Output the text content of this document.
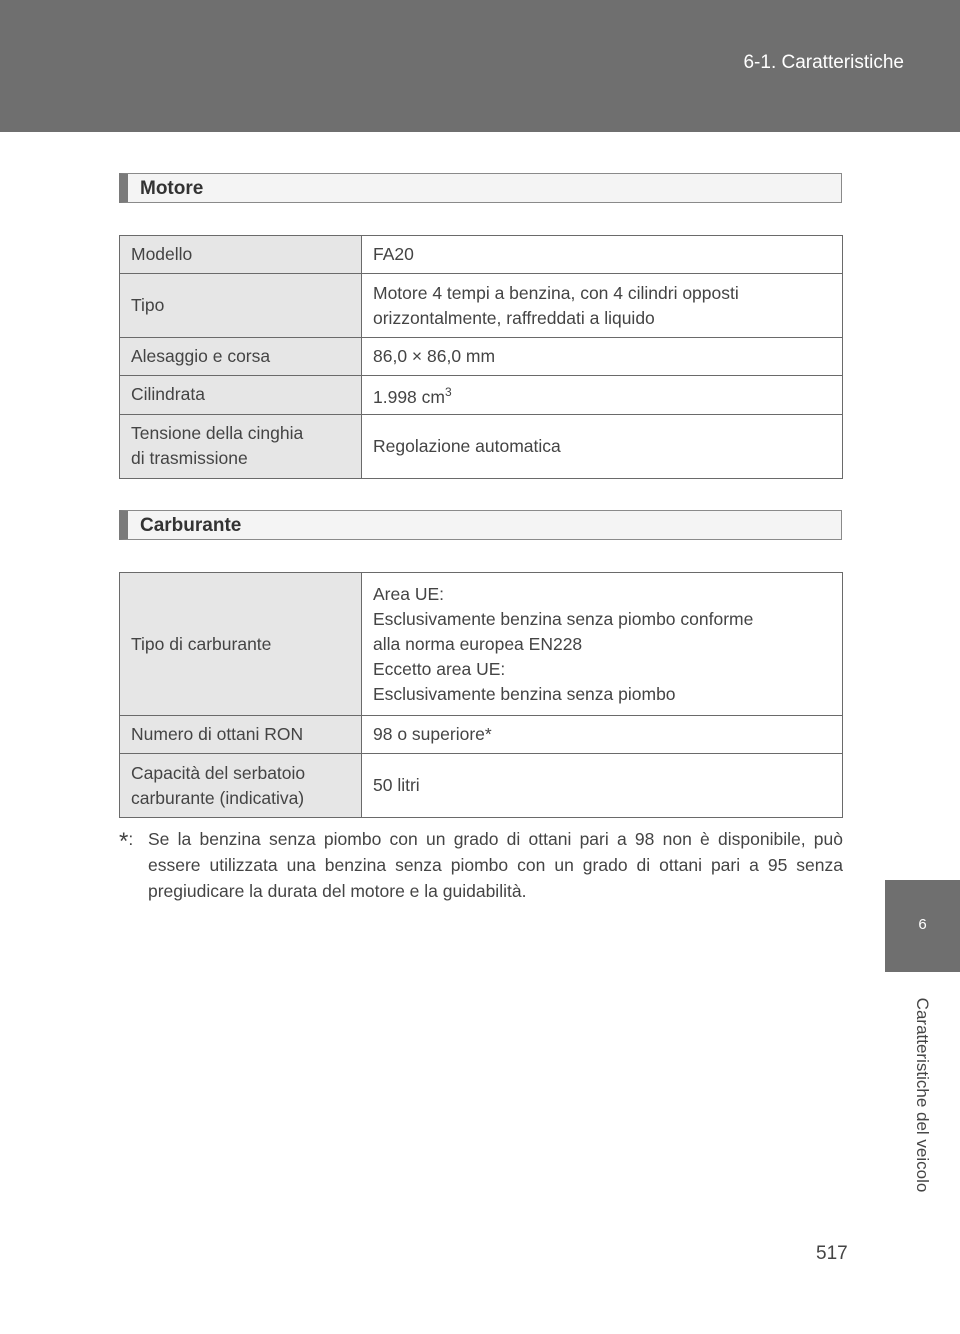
6-1. Caratteristiche
6
Caratteristiche del veicolo
Motore
Modello	FA20

Tipo	Motore 4 tempi a benzina, con 4 cilindri opposti
orizzontalmente, raffreddati a liquido

Alesaggio e corsa	86,0 × 86,0 mm

Cilindrata	1.998 $cm^3$

Tensione della cinghia
di trasmissione	Regolazione automatica
Carburante
Tipo di carburante	Area UE:
Esclusivamente benzina senza piombo conforme
alla norma europea EN228
Eccetto area UE:
Esclusivamente benzina senza piombo

Numero di ottani RON	98 o superiore*

Capacità del serbatoio
carburante (indicativa)	50 litri
*: Se la benzina senza piombo con un grado di ottani pari a 98 non è disponibile, può essere utilizzata una benzina senza piombo con un grado di ottani pari a 95 senza pregiudicare la durata del motore e la guidabilità.
517
